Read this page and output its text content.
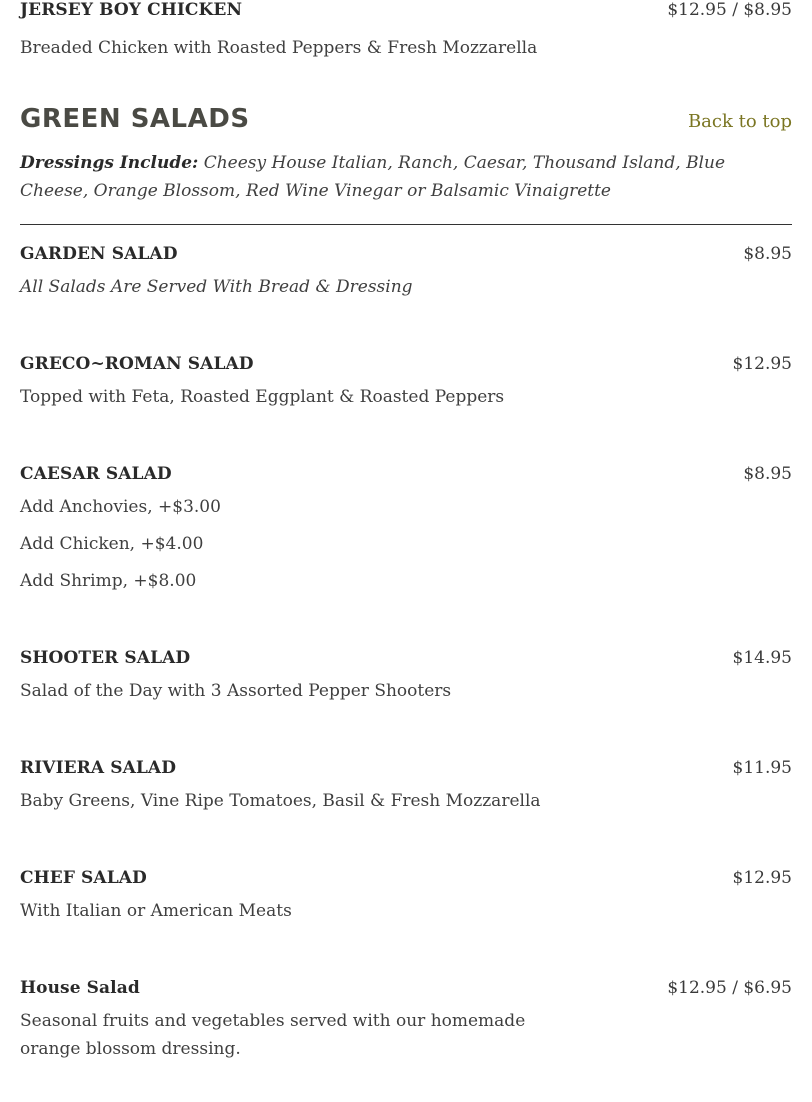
JERSEY BOY CHICKEN	$12.95 / $8.95
Breaded Chicken with Roasted Peppers & Fresh Mozzarella
GREEN SALADS	Back to top
Dressings Include: Cheesy House Italian, Ranch, Caesar, Thousand Island, Blue Cheese, Orange Blossom, Red Wine Vinegar or Balsamic Vinaigrette
GARDEN SALAD	$8.95
All Salads Are Served With Bread & Dressing
GRECO~ROMAN SALAD	$12.95
Topped with Feta, Roasted Eggplant & Roasted Peppers
CAESAR SALAD	$8.95
Add Anchovies, +$3.00
Add Chicken, +$4.00
Add Shrimp, +$8.00
SHOOTER SALAD	$14.95
Salad of the Day with 3 Assorted Pepper Shooters
RIVIERA SALAD	$11.95
Baby Greens, Vine Ripe Tomatoes, Basil & Fresh Mozzarella
CHEF SALAD	$12.95
With Italian or American Meats
House Salad	$12.95 / $6.95
Seasonal fruits and vegetables served with our homemade orange blossom dressing.
